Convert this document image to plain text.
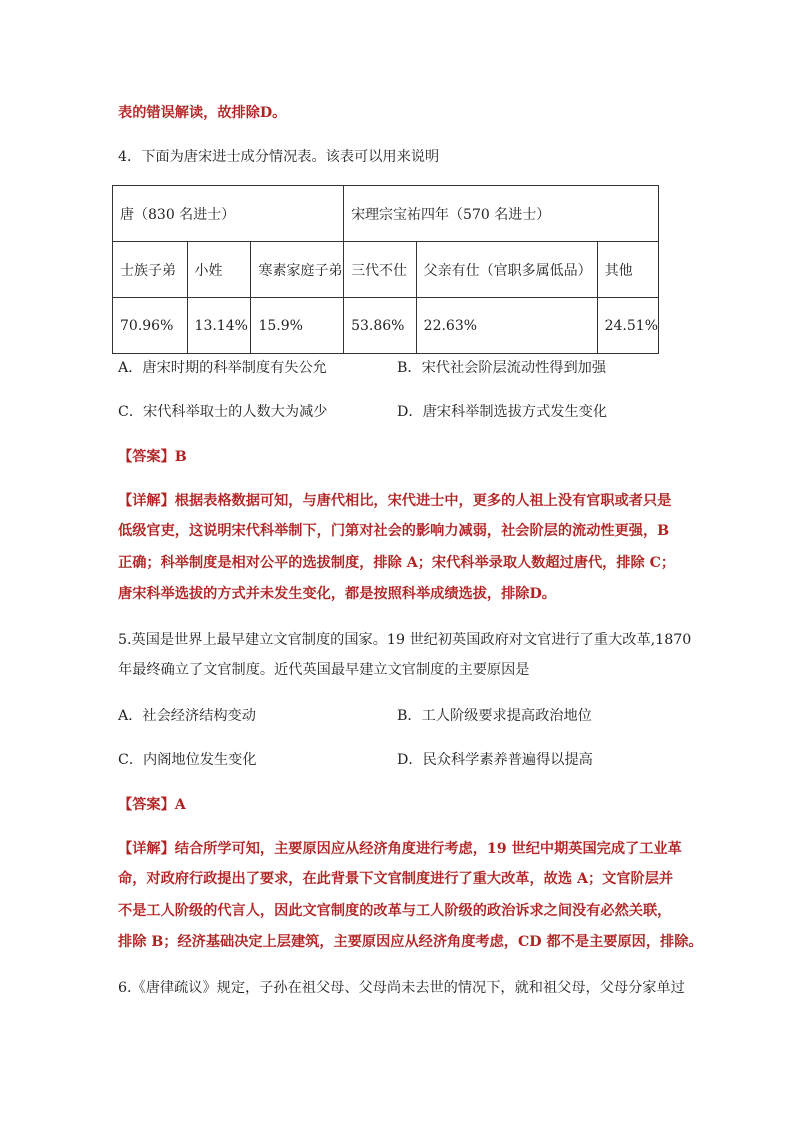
表的错误解读，故排除D。
4．下面为唐宋进士成分情况表。该表可以用来说明
唐（830 名进士）			宋理宗宝祐四年（570 名进士）		
士族子弟	小姓	寒素家庭子弟	三代不仕	父亲有仕（官职多属低品）	其他
70.96%	13.14%	15.9%	53.86%	22.63%	24.51%
A．唐宋时期的科举制度有失公允	B．宋代社会阶层流动性得到加强
C．宋代科举取士的人数大为减少	D．唐宋科举制选拔方式发生变化
【答案】B
【详解】根据表格数据可知，与唐代相比，宋代进士中，更多的人祖上没有官职或者只是
低级官吏，这说明宋代科举制下，门第对社会的影响力减弱，社会阶层的流动性更强，B
正确；科举制度是相对公平的选拔制度，排除 A；宋代科举录取人数超过唐代，排除 C；
唐宋科举选拔的方式并未发生变化，都是按照科举成绩选拔，排除D。
5.英国是世界上最早建立文官制度的国家。19 世纪初英国政府对文官进行了重大改革,1870
年最终确立了文官制度。近代英国最早建立文官制度的主要原因是
A．社会经济结构变动	B．工人阶级要求提高政治地位
C．内阁地位发生变化	D．民众科学素养普遍得以提高
【答案】A
【详解】结合所学可知，主要原因应从经济角度进行考虑，19 世纪中期英国完成了工业革
命，对政府行政提出了要求，在此背景下文官制度进行了重大改革，故选 A；文官阶层并
不是工人阶级的代言人，因此文官制度的改革与工人阶级的政治诉求之间没有必然关联，
排除 B；经济基础决定上层建筑，主要原因应从经济角度考虑，CD 都不是主要原因，排除。
6.《唐律疏议》规定，子孙在祖父母、父母尚未去世的情况下，就和祖父母，父母分家单过
